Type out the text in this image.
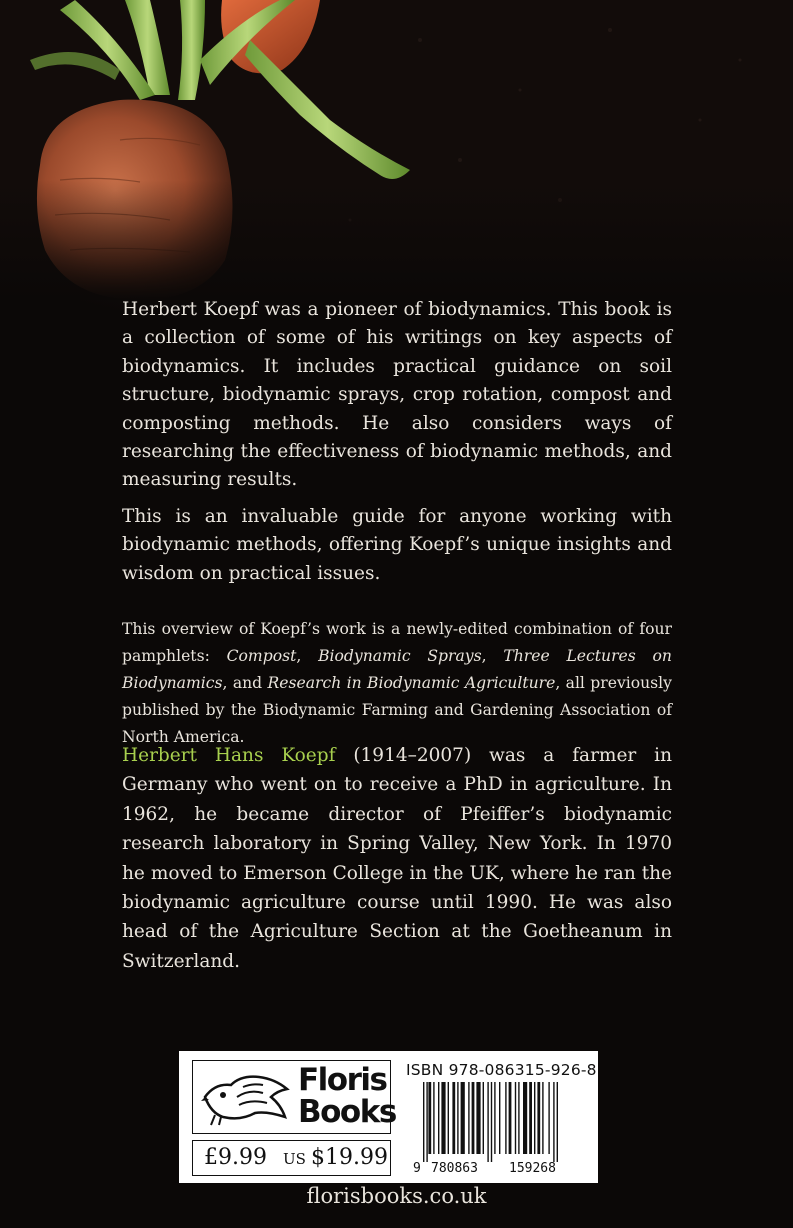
Herbert Koepf was a pioneer of biodynamics. This book is a collection of some of his writings on key aspects of biodynamics. It includes practical guidance on soil structure, biodynamic sprays, crop rotation, compost and composting methods. He also considers ways of researching the effectiveness of biodynamic methods, and measuring results.

This is an invaluable guide for anyone working with biodynamic methods, offering Koepf’s unique insights and wisdom on practical issues.

This overview of Koepf’s work is a newly-edited combination of four pamphlets: Compost, Biodynamic Sprays, Three Lectures on Biodynamics, and Research in Biodynamic Agriculture, all previously published by the Biodynamic Farming and Gardening Association of North America.

Herbert Hans Koepf (1914–2007) was a farmer in Germany who went on to receive a PhD in agriculture. In 1962, he became director of Pfeiffer’s biodynamic research laboratory in Spring Valley, New York. In 1970 he moved to Emerson College in the UK, where he ran the biodynamic agriculture course until 1990. He was also head of the Agriculture Section at the Goetheanum in Switzerland.

Floris
Books
£9.99 US $19.99
ISBN 978-086315-926-8
9 780863 159268
florisbooks.co.uk
